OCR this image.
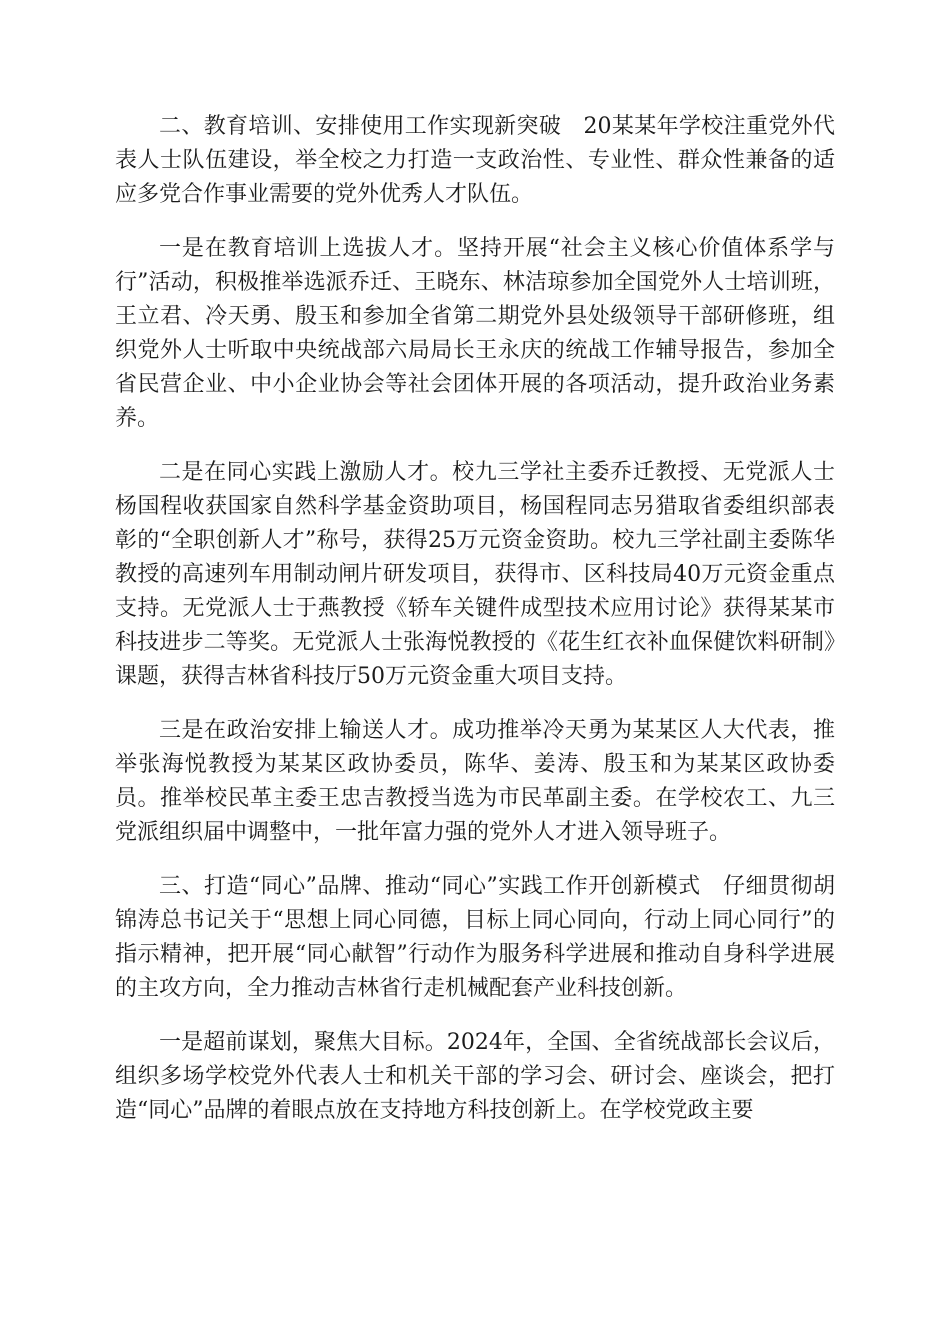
二、教育培训、安排使用工作实现新突破　20某某年学校注重党外代表人士队伍建设，举全校之力打造一支政治性、专业性、群众性兼备的适应多党合作事业需要的党外优秀人才队伍。

一是在教育培训上选拔人才。坚持开展“社会主义核心价值体系学与行”活动，积极推举选派乔迁、王晓东、林洁琼参加全国党外人士培训班，王立君、冷天勇、殷玉和参加全省第二期党外县处级领导干部研修班，组织党外人士听取中央统战部六局局长王永庆的统战工作辅导报告，参加全省民营企业、中小企业协会等社会团体开展的各项活动，提升政治业务素养。

二是在同心实践上激励人才。校九三学社主委乔迁教授、无党派人士杨国程收获国家自然科学基金资助项目，杨国程同志另猎取省委组织部表彰的“全职创新人才”称号，获得25万元资金资助。校九三学社副主委陈华教授的高速列车用制动闸片研发项目，获得市、区科技局40万元资金重点支持。无党派人士于燕教授《轿车关键件成型技术应用讨论》获得某某市科技进步二等奖。无党派人士张海悦教授的《花生红衣补血保健饮料研制》课题，获得吉林省科技厅50万元资金重大项目支持。

三是在政治安排上输送人才。成功推举冷天勇为某某区人大代表，推举张海悦教授为某某区政协委员，陈华、姜涛、殷玉和为某某区政协委员。推举校民革主委王忠吉教授当选为市民革副主委。在学校农工、九三党派组织届中调整中，一批年富力强的党外人才进入领导班子。

三、打造“同心”品牌、推动“同心”实践工作开创新模式　仔细贯彻胡锦涛总书记关于“思想上同心同德，目标上同心同向，行动上同心同行”的指示精神，把开展“同心献智”行动作为服务科学进展和推动自身科学进展的主攻方向，全力推动吉林省行走机械配套产业科技创新。

一是超前谋划，聚焦大目标。2024年，全国、全省统战部长会议后，组织多场学校党外代表人士和机关干部的学习会、研讨会、座谈会，把打造“同心”品牌的着眼点放在支持地方科技创新上。在学校党政主要
